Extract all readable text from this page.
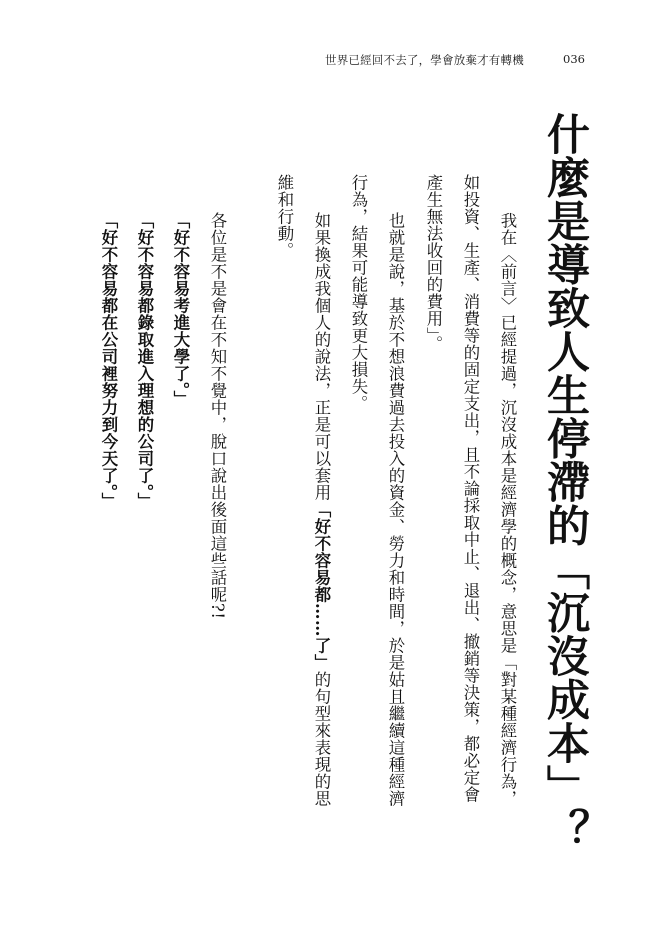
世界已經回不去了，學會放棄才有轉機	036
什麼是導致人生停滯的「沉沒成本」？
我在〈前言〉已經提過，沉沒成本是經濟學的概念，意思是「對某種經濟行為，
如投資、生產、消費等的固定支出，且不論採取中止、退出、撤銷等決策，都必定會
產生無法收回的費用」。
也就是說，基於不想浪費過去投入的資金、勞力和時間，於是姑且繼續這種經濟
行為，結果可能導致更大損失。
如果換成我個人的說法，正是可以套用「好不容易都……了」的句型來表現的思
維和行動。
各位是不是會在不知不覺中，脫口說出後面這些話呢?!
「好不容易考進大學了。」
「好不容易都錄取進入理想的公司了。」
「好不容易都在公司裡努力到今天了。」
